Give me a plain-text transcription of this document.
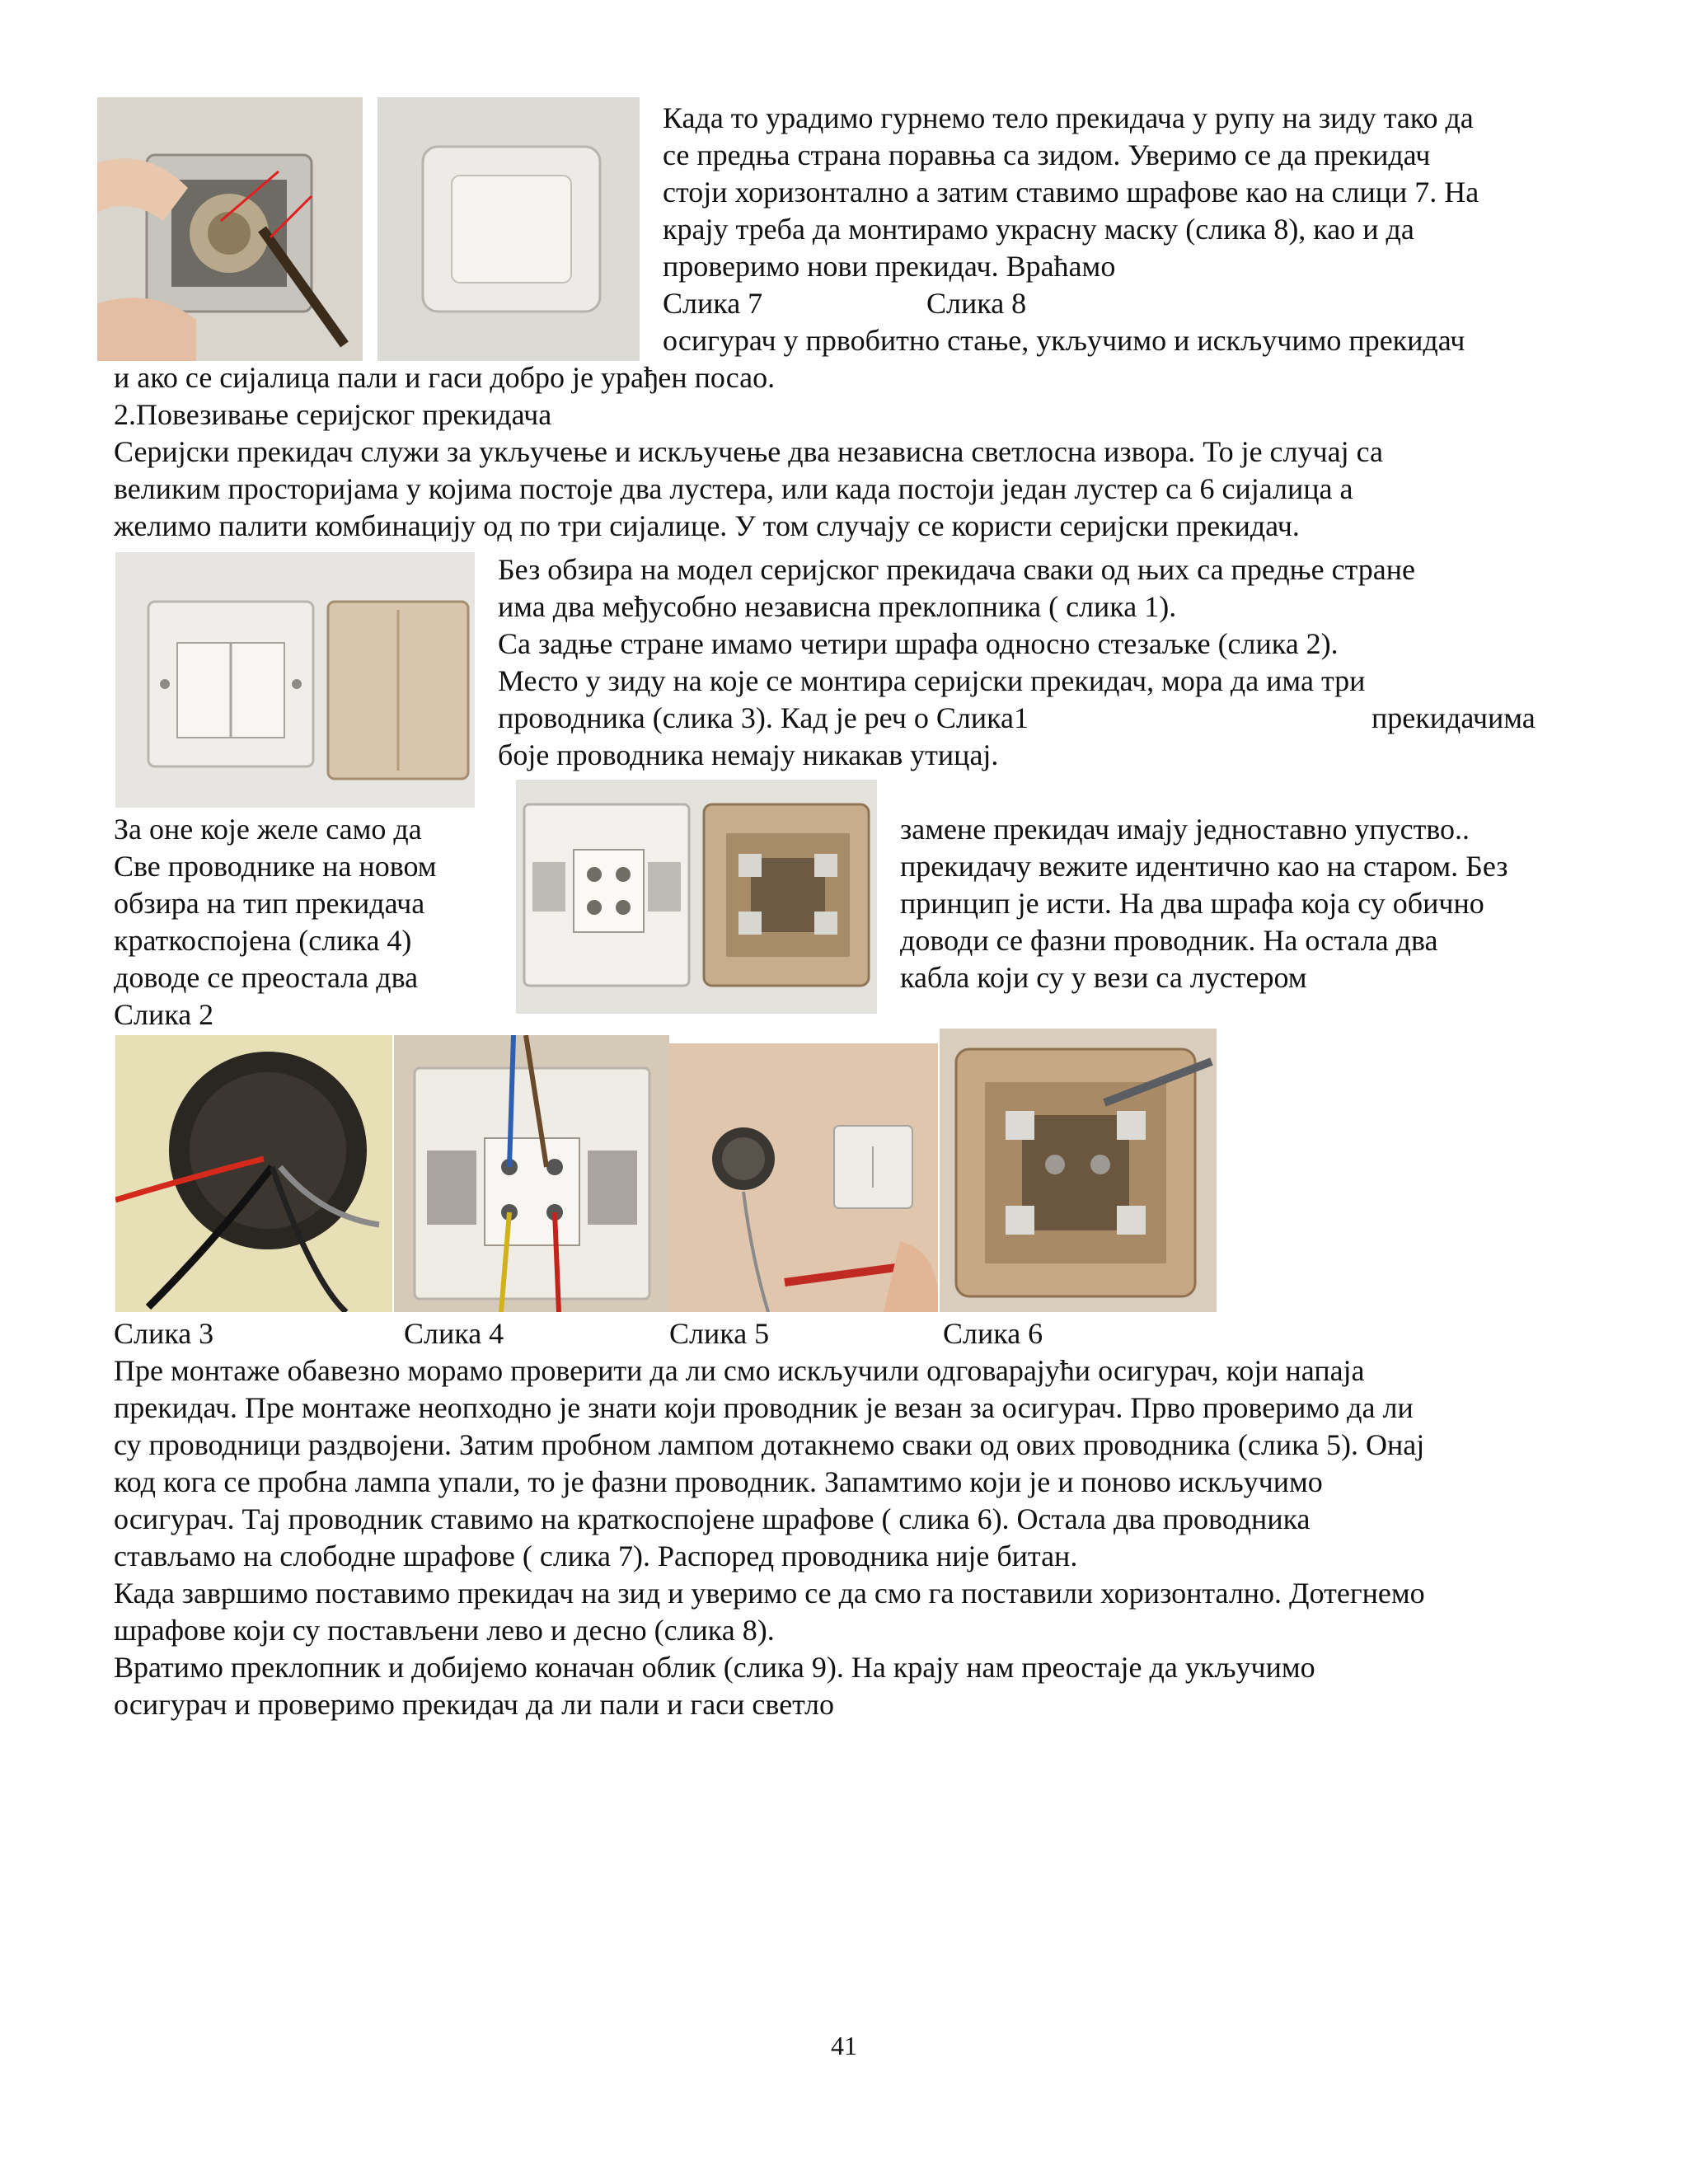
Када то урадимо гурнемо тело прекидача у рупу на зиду тако да
се предња страна поравња са зидом. Уверимо се да прекидач
стоји хоризонтално а затим ставимо шрафове као на слици 7. На
крају треба да монтирамо украсну маску (слика 8), као и да
проверимо нови прекидач. Враћамо
Слика 7	Слика 8
осигурач у првобитно стање, укључимо и искључимо прекидач
и ако се сијалица пали и гаси добро је урађен посао.
2.Повезивање серијског прекидача
Серијски прекидач служи за укључење и искључење два независна светлосна извора. То је случај са
великим просторијама у којима постоје два лустера, или када постоји један лустер са 6 сијалица а
желимо палити комбинацију од по три сијалице. У том случају се користи серијски прекидач.
Без обзира на модел серијског прекидача сваки од њих са предње стране
има два међусобно независна преклопника ( слика 1).
Са задње стране имамо четири шрафа односно стезаљке (слика 2).
Место у зиду на које се монтира серијски прекидач, мора да има три
проводника (слика 3). Кад је реч о Слика1	прекидачима
боје проводника немају никакав утицај.
За оне које желе само да
Све проводнике на новом
обзира на тип прекидача
краткоспојена (слика 4)
доводе се преостала два
Слика 2
замене прекидач имају једноставно упуство..
прекидачу вежите идентично као на старом. Без
принцип је исти. На два шрафа која су обично
доводи се фазни проводник. На остала два
кабла који су у вези са лустером
Слика 3	Слика 4	Слика 5	Слика 6
Пре монтаже обавезно морамо проверити да ли смо искључили одговарајући осигурач, који напаја
прекидач. Пре монтаже неопходно је знати који проводник је везан за осигурач. Прво проверимо да ли
су проводници раздвојени. Затим пробном лампом дотакнемо сваки од ових проводника (слика 5). Онај
код кога се пробна лампа упали, то је фазни проводник. Запамтимо који је и поново искључимо
осигурач. Тај проводник ставимо на краткоспојене шрафове ( слика 6). Остала два проводника
стављамо на слободне шрафове ( слика 7). Распоред проводника није битан.
Када завршимо поставимо прекидач на зид и уверимо се да смо га поставили хоризонтално. Дотегнемо
шрафове који су постављени лево и десно (слика 8).
Вратимо преклопник и добијемо коначан облик (слика 9). На крају нам преостаје да укључимо
осигурач и проверимо прекидач да ли пали и гаси светло
41
